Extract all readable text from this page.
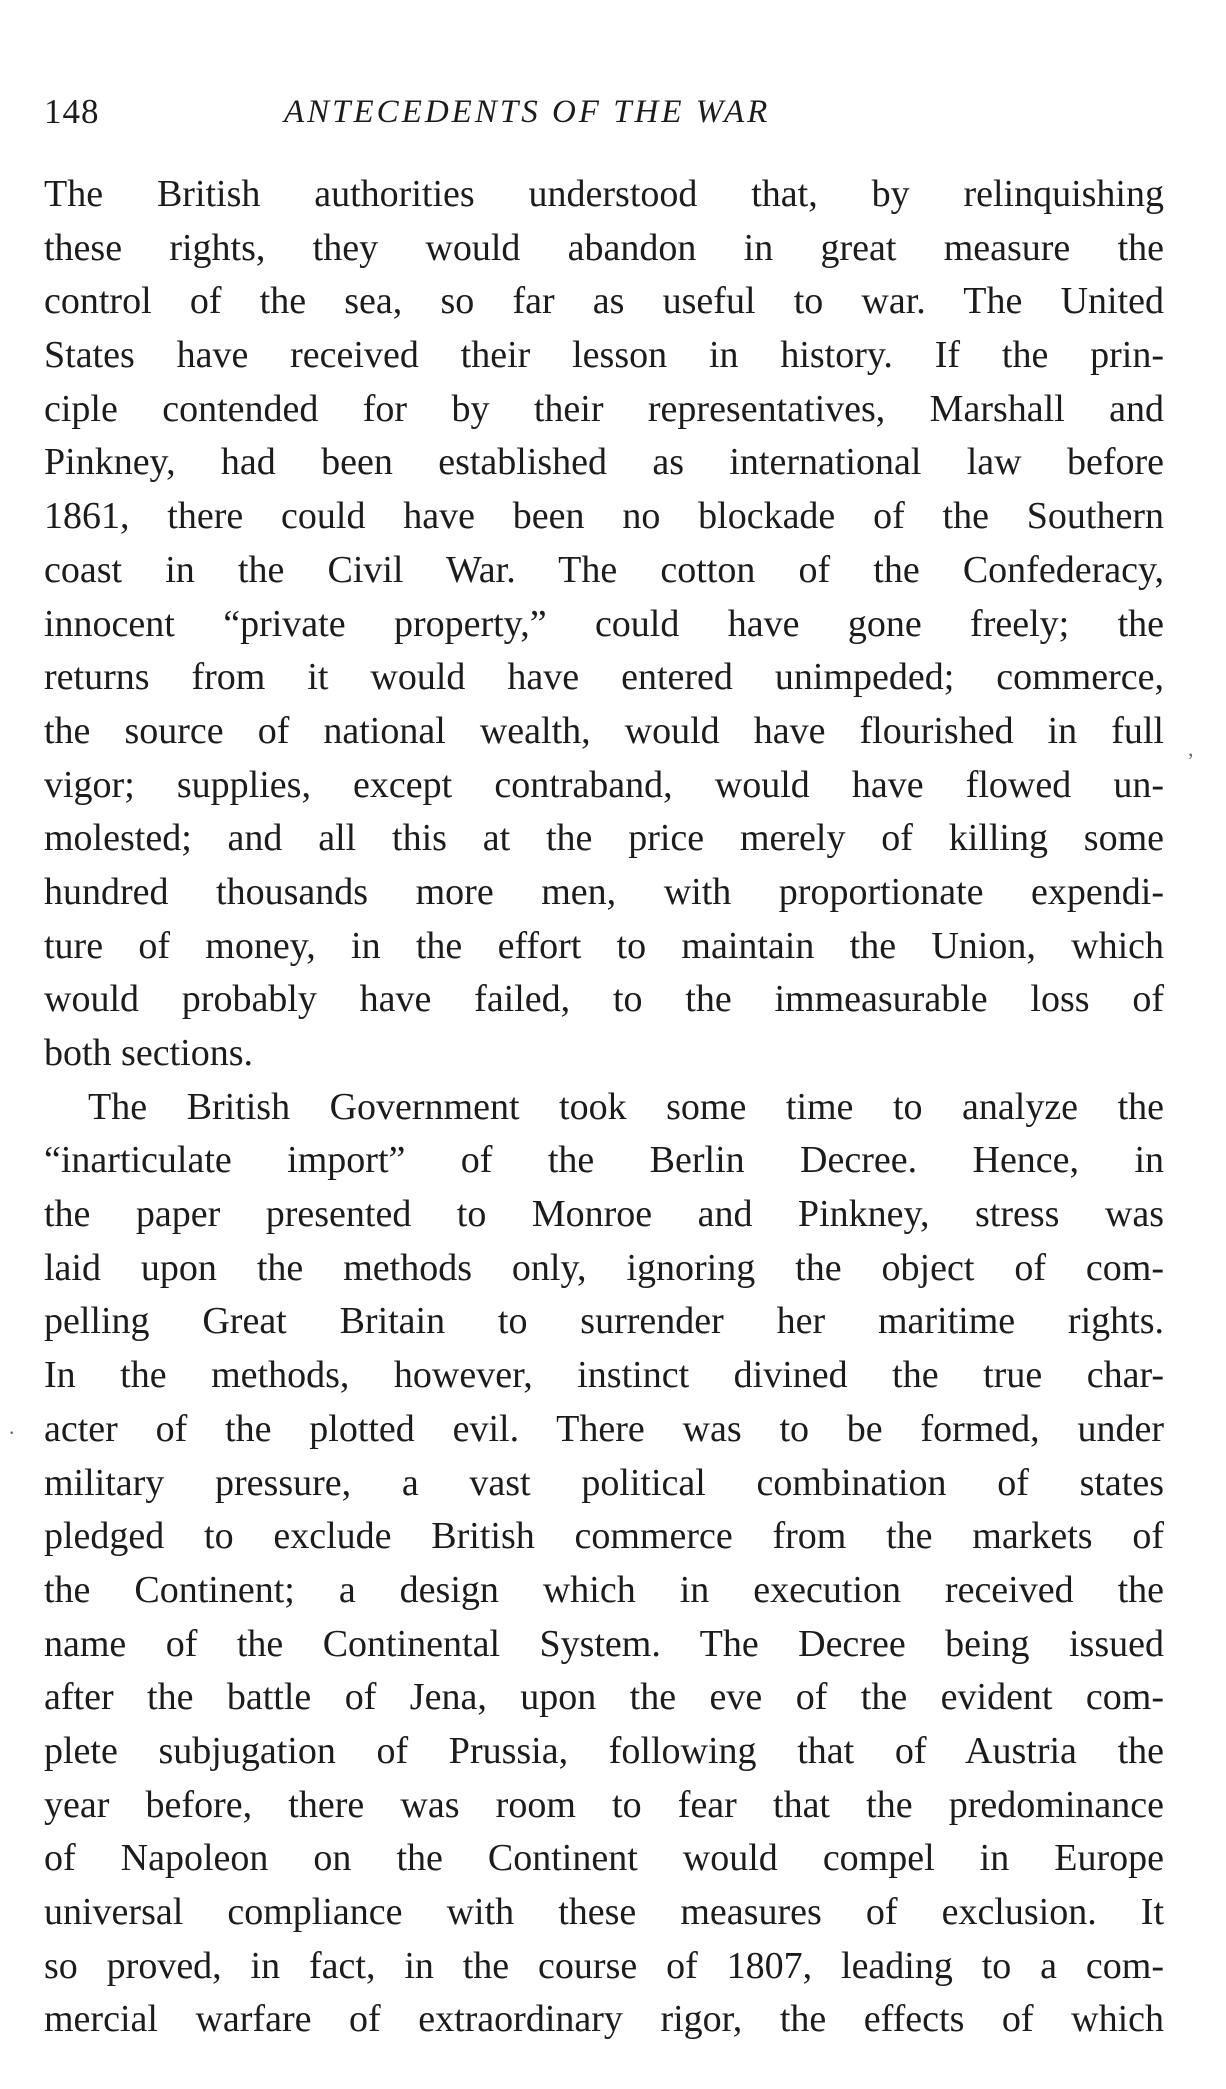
148	ANTECEDENTS OF THE WAR
The British authorities understood that, by relinquishing
these rights, they would abandon in great measure the
control of the sea, so far as useful to war. The United
States have received their lesson in history. If the prin-
ciple contended for by their representatives, Marshall and
Pinkney, had been established as international law before
1861, there could have been no blockade of the Southern
coast in the Civil War. The cotton of the Confederacy,
innocent “private property,” could have gone freely; the
returns from it would have entered unimpeded; commerce,
the source of national wealth, would have flourished in full
vigor; supplies, except contraband, would have flowed un-
molested; and all this at the price merely of killing some
hundred thousands more men, with proportionate expendi-
ture of money, in the effort to maintain the Union, which
would probably have failed, to the immeasurable loss of
both sections.
The British Government took some time to analyze the
“inarticulate import” of the Berlin Decree. Hence, in
the paper presented to Monroe and Pinkney, stress was
laid upon the methods only, ignoring the object of com-
pelling Great Britain to surrender her maritime rights.
In the methods, however, instinct divined the true char-
acter of the plotted evil. There was to be formed, under
military pressure, a vast political combination of states
pledged to exclude British commerce from the markets of
the Continent; a design which in execution received the
name of the Continental System. The Decree being issued
after the battle of Jena, upon the eve of the evident com-
plete subjugation of Prussia, following that of Austria the
year before, there was room to fear that the predominance
of Napoleon on the Continent would compel in Europe
universal compliance with these measures of exclusion. It
so proved, in fact, in the course of 1807, leading to a com-
mercial warfare of extraordinary rigor, the effects of which
,
·
